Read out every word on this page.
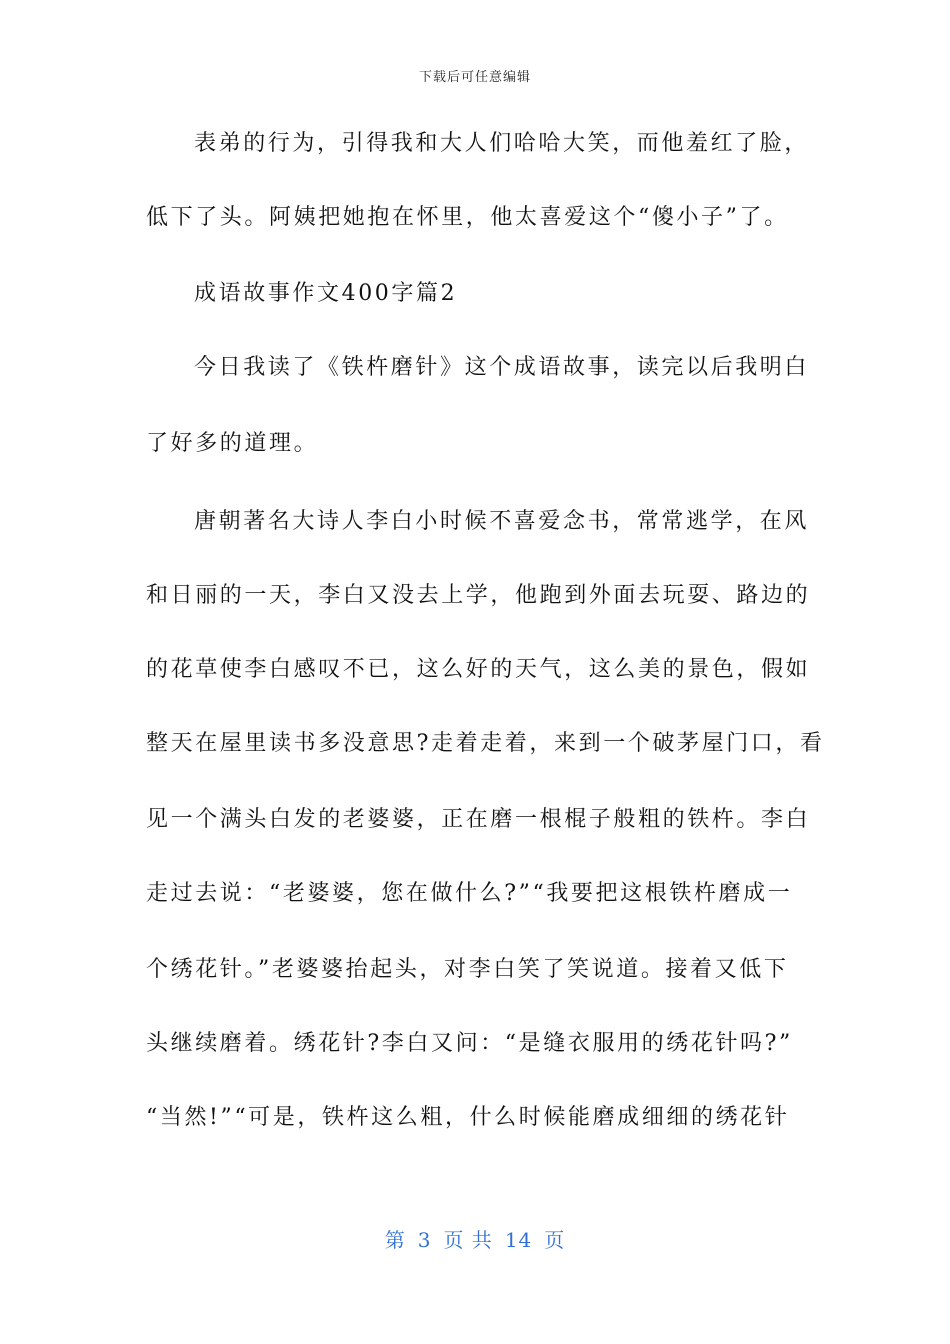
下载后可任意编辑
表弟的行为，引得我和大人们哈哈大笑，而他羞红了脸，
低下了头。阿姨把她抱在怀里，他太喜爱这个“傻小子”了。
成语故事作文400字篇2
今日我读了《铁杵磨针》这个成语故事，读完以后我明白
了好多的道理。
唐朝著名大诗人李白小时候不喜爱念书，常常逃学，在风
和日丽的一天，李白又没去上学，他跑到外面去玩耍、路边的
的花草使李白感叹不已，这么好的天气，这么美的景色，假如
整天在屋里读书多没意思?走着走着，来到一个破茅屋门口，看
见一个满头白发的老婆婆，正在磨一根棍子般粗的铁杵。李白
走过去说：“老婆婆，您在做什么?”“我要把这根铁杵磨成一
个绣花针。”老婆婆抬起头，对李白笑了笑说道。接着又低下
头继续磨着。绣花针?李白又问：“是缝衣服用的绣花针吗?”
“当然!”“可是，铁杵这么粗，什么时候能磨成细细的绣花针
第 3 页 共 14 页
